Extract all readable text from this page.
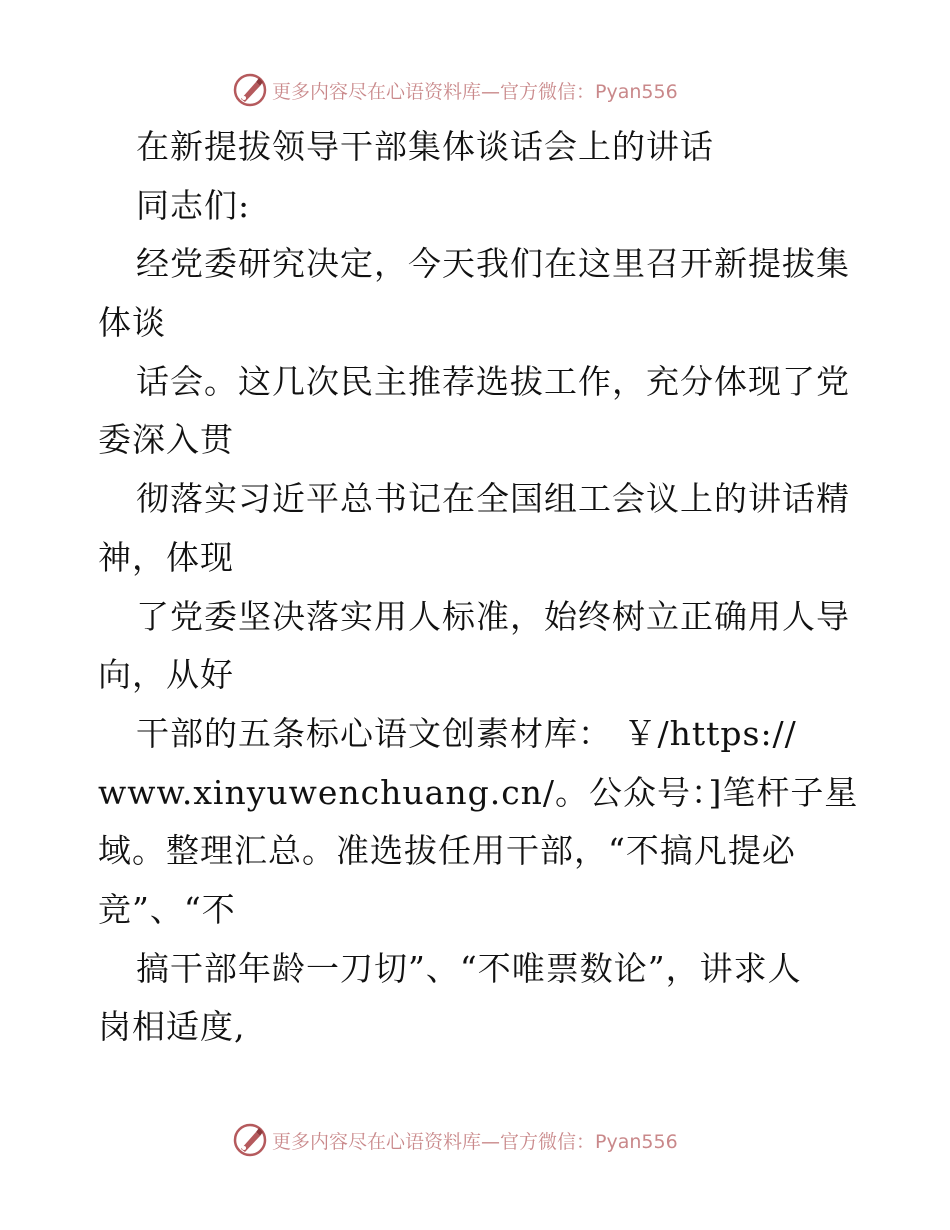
更多内容尽在心语资料库—官方微信：Pyan556
在新提拔领导干部集体谈话会上的讲话
同志们:
经党委研究决定，今天我们在这里召开新提拔集
体谈
话会。这几次民主推荐选拔工作，充分体现了党
委深入贯
彻落实习近平总书记在全国组工会议上的讲话精
神，体现
了党委坚决落实用人标准，始终树立正确用人导
向，从好
干部的五条标心语文创素材库： ￥/https://
www.xinyuwenchuang.cn/。公众号：]笔杆子星
域。整理汇总。准选拔任用干部，“不搞凡提必
竞”、“不
搞干部年龄一刀切”、“不唯票数论”，讲求人
岗相适度,
更多内容尽在心语资料库—官方微信：Pyan556
